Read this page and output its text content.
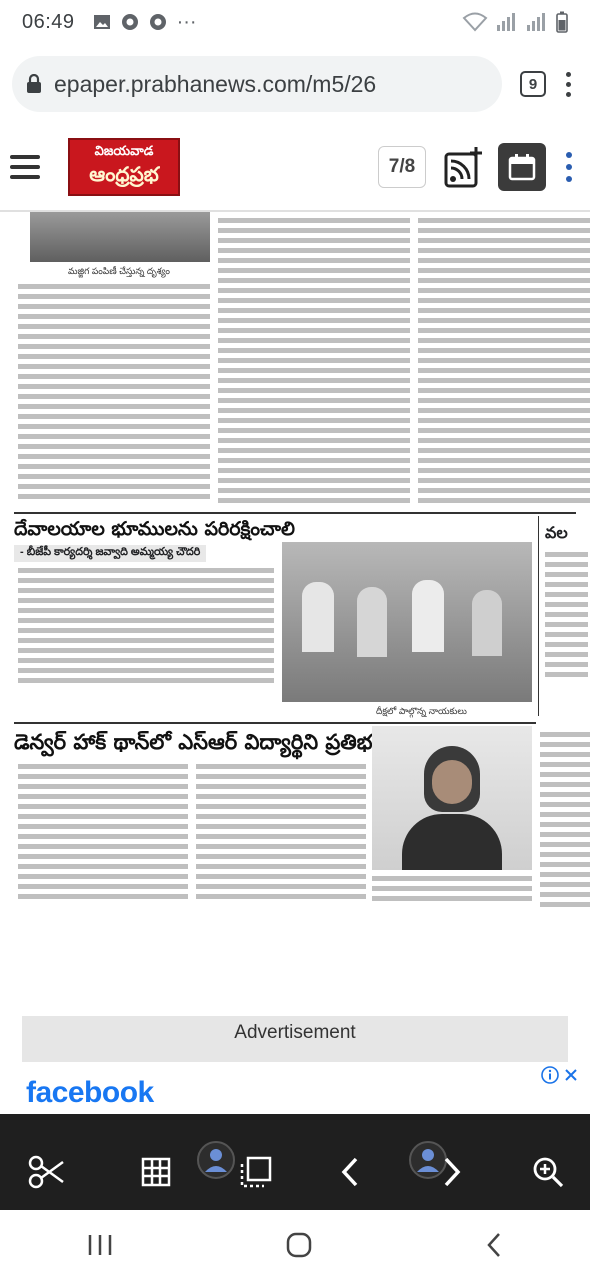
06:49	···
epaper.prabhanews.com/m5/26	9
విజయవాడ
ఆంధ్రప్రభ	7/8
మజ్జిగ పంపిణీ చేస్తున్న దృశ్యం
దేవాలయాల భూములను పరిరక్షించాలి
- బీజేపీ కార్యదర్శి జవ్వాది అమ్మయ్య చౌదరి
దీక్షలో పాల్గొన్న నాయకులు
వల
డెన్వర్ హాక్ థాన్‌లో ఎస్ఆర్ విద్యార్థిని ప్రతిభ
Advertisement
facebook
